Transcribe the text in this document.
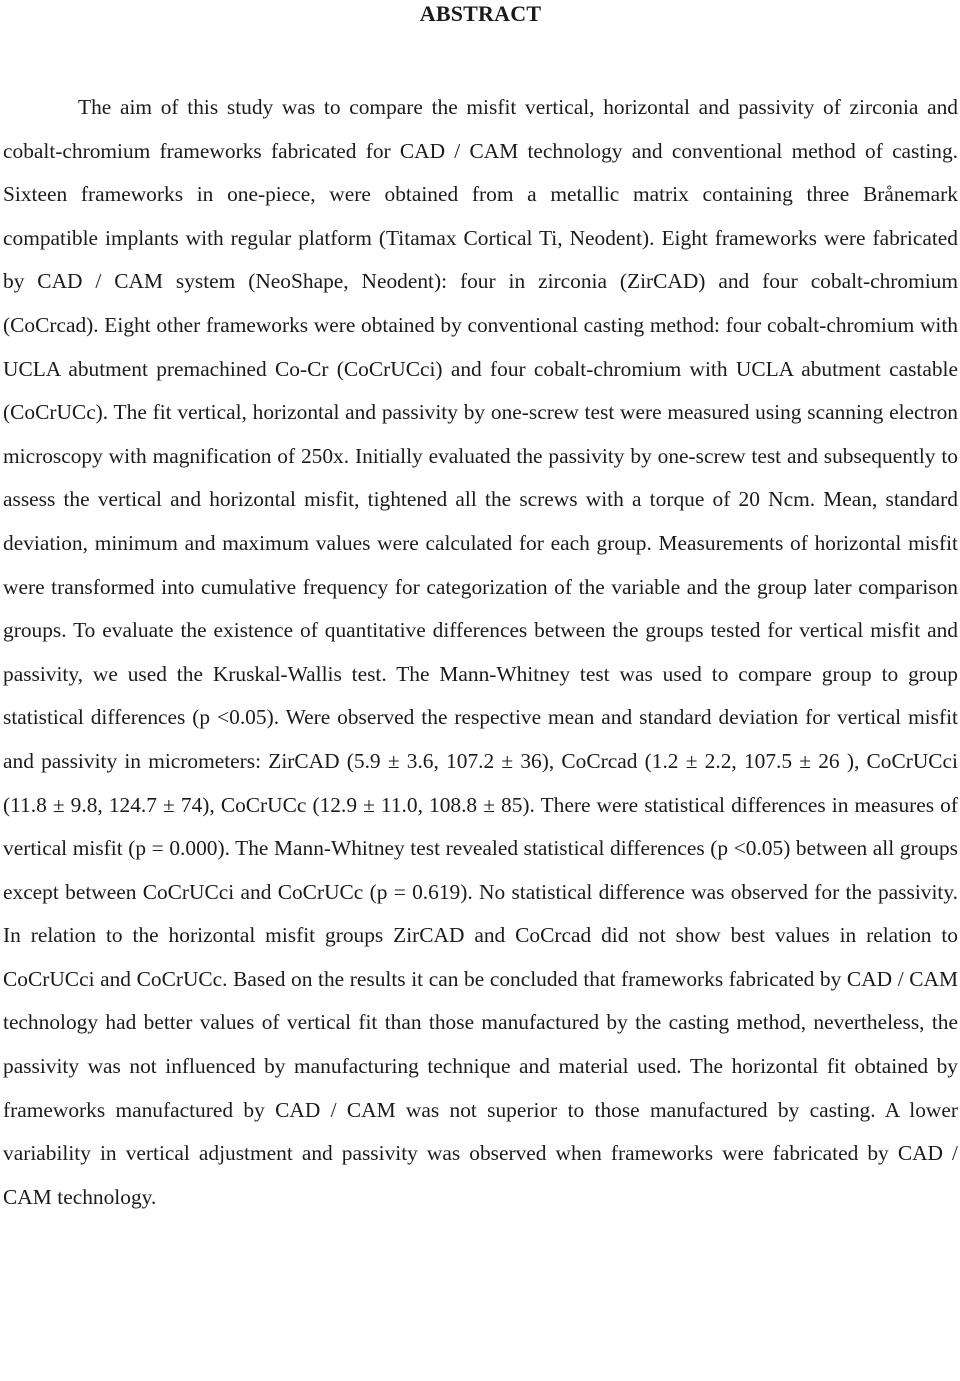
ABSTRACT

The aim of this study was to compare the misfit vertical, horizontal and passivity of zirconia and cobalt-chromium frameworks fabricated for CAD / CAM technology and conventional method of casting. Sixteen frameworks in one-piece, were obtained from a metallic matrix containing three Brånemark compatible implants with regular platform (Titamax Cortical Ti, Neodent). Eight frameworks were fabricated by CAD / CAM system (NeoShape, Neodent): four in zirconia (ZirCAD) and four cobalt-chromium (CoCrcad). Eight other frameworks were obtained by conventional casting method: four cobalt-chromium with UCLA abutment premachined Co-Cr (CoCrUCci) and four cobalt-chromium with UCLA abutment castable (CoCrUCc). The fit vertical, horizontal and passivity by one-screw test were measured using scanning electron microscopy with magnification of 250x. Initially evaluated the passivity by one-screw test and subsequently to assess the vertical and horizontal misfit, tightened all the screws with a torque of 20 Ncm. Mean, standard deviation, minimum and maximum values were calculated for each group. Measurements of horizontal misfit were transformed into cumulative frequency for categorization of the variable and the group later comparison groups. To evaluate the existence of quantitative differences between the groups tested for vertical misfit and passivity, we used the Kruskal-Wallis test. The Mann-Whitney test was used to compare group to group statistical differences (p <0.05). Were observed the respective mean and standard deviation for vertical misfit and passivity in micrometers: ZirCAD (5.9 ± 3.6, 107.2 ± 36), CoCrcad (1.2 ± 2.2, 107.5 ± 26 ), CoCrUCci (11.8 ± 9.8, 124.7 ± 74), CoCrUCc (12.9 ± 11.0, 108.8 ± 85). There were statistical differences in measures of vertical misfit (p = 0.000). The Mann-Whitney test revealed statistical differences (p <0.05) between all groups except between CoCrUCci and CoCrUCc (p = 0.619). No statistical difference was observed for the passivity. In relation to the horizontal misfit groups ZirCAD and CoCrcad did not show best values in relation to CoCrUCci and CoCrUCc. Based on the results it can be concluded that frameworks fabricated by CAD / CAM technology had better values of vertical fit than those manufactured by the casting method, nevertheless, the passivity was not influenced by manufacturing technique and material used. The horizontal fit obtained by frameworks manufactured by CAD / CAM was not superior to those manufactured by casting. A lower variability in vertical adjustment and passivity was observed when frameworks were fabricated by CAD / CAM technology.
